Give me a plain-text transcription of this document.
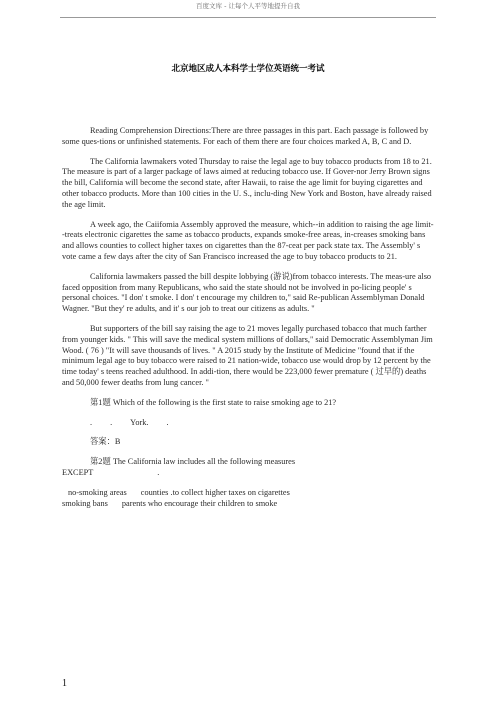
百度文库 - 让每个人平等地提升自我
北京地区成人本科学士学位英语统一考试

Reading Comprehension Directions:There are three passages in this part. Each passage is followed by some ques-tions or unfinished statements. For each of them there are four choices marked A, B, C and D.

The California lawmakers voted Thursday to raise the legal age to buy tobacco products from 18 to 21. The measure is part of a larger package of laws aimed at reducing tobacco use. If Gover-nor Jerry Brown signs the bill, California will become the second state, after Hawaii, to raise the age limit for buying cigarettes and other tobacco products. More than 100 cities in the U. S., inclu-ding New York and Boston, have already raised the age limit.

A week ago, the Caiifomia Assembly approved the measure, which--in addition to raising the age limit--treats electronic cigarettes the same as tobacco products, expands smoke-free areas, in-creases smoking bans and allows counties to collect higher taxes on cigarettes than the 87-ceat per pack state tax. The Assembly' s vote came a few days after the city of San Francisco increased the age to buy tobacco products to 21.

California lawmakers passed the bill despite lobbying (游说)from tobacco interests. The meas-ure also faced opposition from many Republicans, who said the state should not be involved in po-licing people' s personal choices. "I don' t smoke. I don' t encourage my children to," said Re-publican Assemblyman Donald Wagner. "But they' re adults, and it' s our job to treat our citizens as adults. "

But supporters of the bill say raising the age to 21 moves legally purchased tobacco that much farther from younger kids. " This will save the medical system millions of dollars," said Democratic Assemblyman Jim Wood. ( 76 ) "It will save thousands of lives. " A 2015 study by the Institute of Medicine "found that if the minimum legal age to buy tobacco were raised to 21 nation-wide, tobacco use would drop by 12 percent by the time today' s teens reached adulthood. In addi-tion, there would be 223,000 fewer premature ( 过早的) deaths and 50,000 fewer deaths from lung cancer. "

第1题 Which of the following is the first state to raise smoking age to 21?

. . York. .
答案：B

第2题 The California law includes all the following measures

EXCEPT	.
no-smoking areas counties .to collect higher taxes on cigarettes
smoking bans parents who encourage their children to smoke
1
